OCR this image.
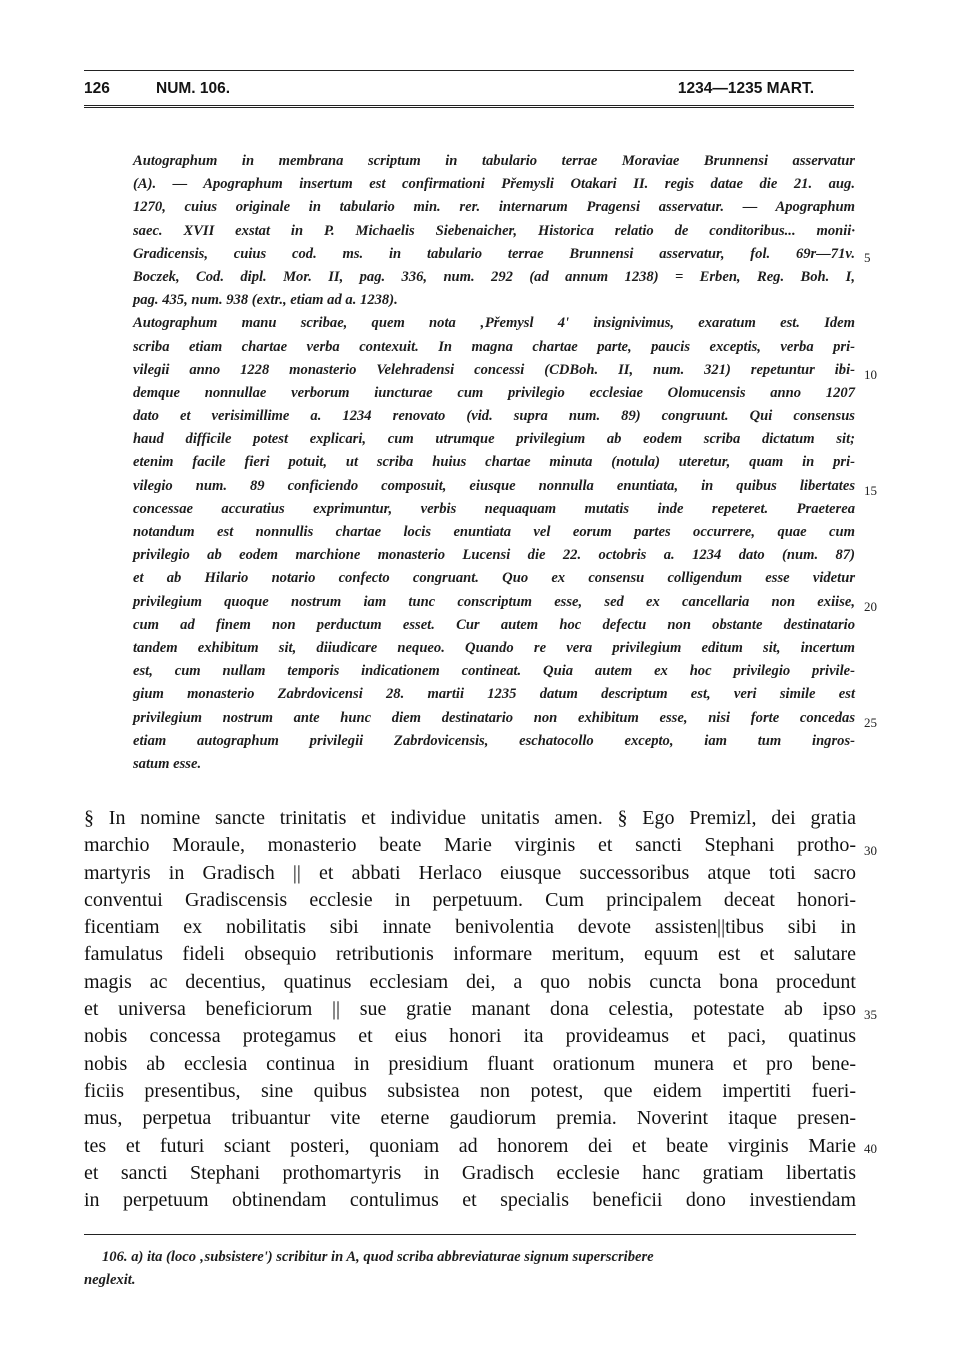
126	NUM. 106.	1234—1235 MART.
Autographum in membrana scriptum in tabulario terrae Moraviae Brunnensi asservatur
(A). — Apographum insertum est confirmationi Přemysli Otakari II. regis datae die 21. aug.
1270, cuius originale in tabulario min. rer. internarum Pragensi asservatur. — Apographum
saec. XVII exstat in P. Michaelis Siebenaicher, Historica relatio de conditoribus... monii·
Gradicensis, cuius cod. ms. in tabulario terrae Brunnensi asservatur, fol. 69r—71v.
Boczek, Cod. dipl. Mor. II, pag. 336, num. 292 (ad annum 1238) = Erben, Reg. Boh. I,
pag. 435, num. 938 (extr., etiam ad a. 1238).
Autographum manu scribae, quem nota ‚Přemysl 4' insignivimus, exaratum est. Idem
scriba etiam chartae verba contexuit. In magna chartae parte, paucis exceptis, verba pri-
vilegii anno 1228 monasterio Velehradensi concessi (CDBoh. II, num. 321) repetuntur ibi-
demque nonnullae verborum iuncturae cum privilegio ecclesiae Olomucensis anno 1207
dato et verisimillime a. 1234 renovato (vid. supra num. 89) congruunt. Qui consensus
haud difficile potest explicari, cum utrumque privilegium ab eodem scriba dictatum sit;
etenim facile fieri potuit, ut scriba huius chartae minuta (notula) uteretur, quam in pri-
vilegio num. 89 conficiendo composuit, eiusque nonnulla enuntiata, in quibus libertates
concessae accuratius exprimuntur, verbis nequaquam mutatis inde repeteret. Praeterea
notandum est nonnullis chartae locis enuntiata vel eorum partes occurrere, quae cum
privilegio ab eodem marchione monasterio Lucensi die 22. octobris a. 1234 dato (num. 87)
et ab Hilario notario confecto congruant. Quo ex consensu colligendum esse videtur
privilegium quoque nostrum iam tunc conscriptum esse, sed ex cancellaria non exiise,
cum ad finem non perductum esset. Cur autem hoc defectu non obstante destinatario
tandem exhibitum sit, diiudicare nequeo. Quando re vera privilegium editum sit, incertum
est, cum nullam temporis indicationem contineat. Quia autem ex hoc privilegio privile-
gium monasterio Zabrdovicensi 28. martii 1235 datum descriptum est, veri simile est
privilegium nostrum ante hunc diem destinatario non exhibitum esse, nisi forte concedas
etiam autographum privilegii Zabrdovicensis, eschatocollo excepto, iam tum ingros-
satum esse.
§ In nomine sancte trinitatis et individue unitatis amen. § Ego Premizl, dei gratia
marchio Moraule, monasterio beate Marie virginis et sancti Stephani protho-
martyris in Gradisch || et abbati Herlaco eiusque successoribus atque toti sacro
conventui Gradiscensis ecclesie in perpetuum. Cum principalem deceat honori-
ficentiam ex nobilitatis sibi innate benivolentia devote assisten||tibus sibi in
famulatus fideli obsequio retributionis informare meritum, equum est et salutare
magis ac decentius, quatinus ecclesiam dei, a quo nobis cuncta bona procedunt
et universa beneficiorum || sue gratie manant dona celestia, potestate ab ipso
nobis concessa protegamus et eius honori ita provideamus et paci, quatinus
nobis ab ecclesia continua in presidium fluant orationum munera et pro bene-
ficiis presentibus, sine quibus subsistea non potest, que eidem impertiti fueri-
mus, perpetua tribuantur vite eterne gaudiorum premia. Noverint itaque presen-
tes et futuri sciant posteri, quoniam ad honorem dei et beate virginis Marie
et sancti Stephani prothomartyris in Gradisch ecclesie hanc gratiam libertatis
in perpetuum obtinendam contulimus et specialis beneficii dono investiendam
5
10
15
20
25
30
35
40
106. a) ita (loco ‚subsistere') scribitur in A, quod scriba abbreviaturae signum superscribere
neglexit.
